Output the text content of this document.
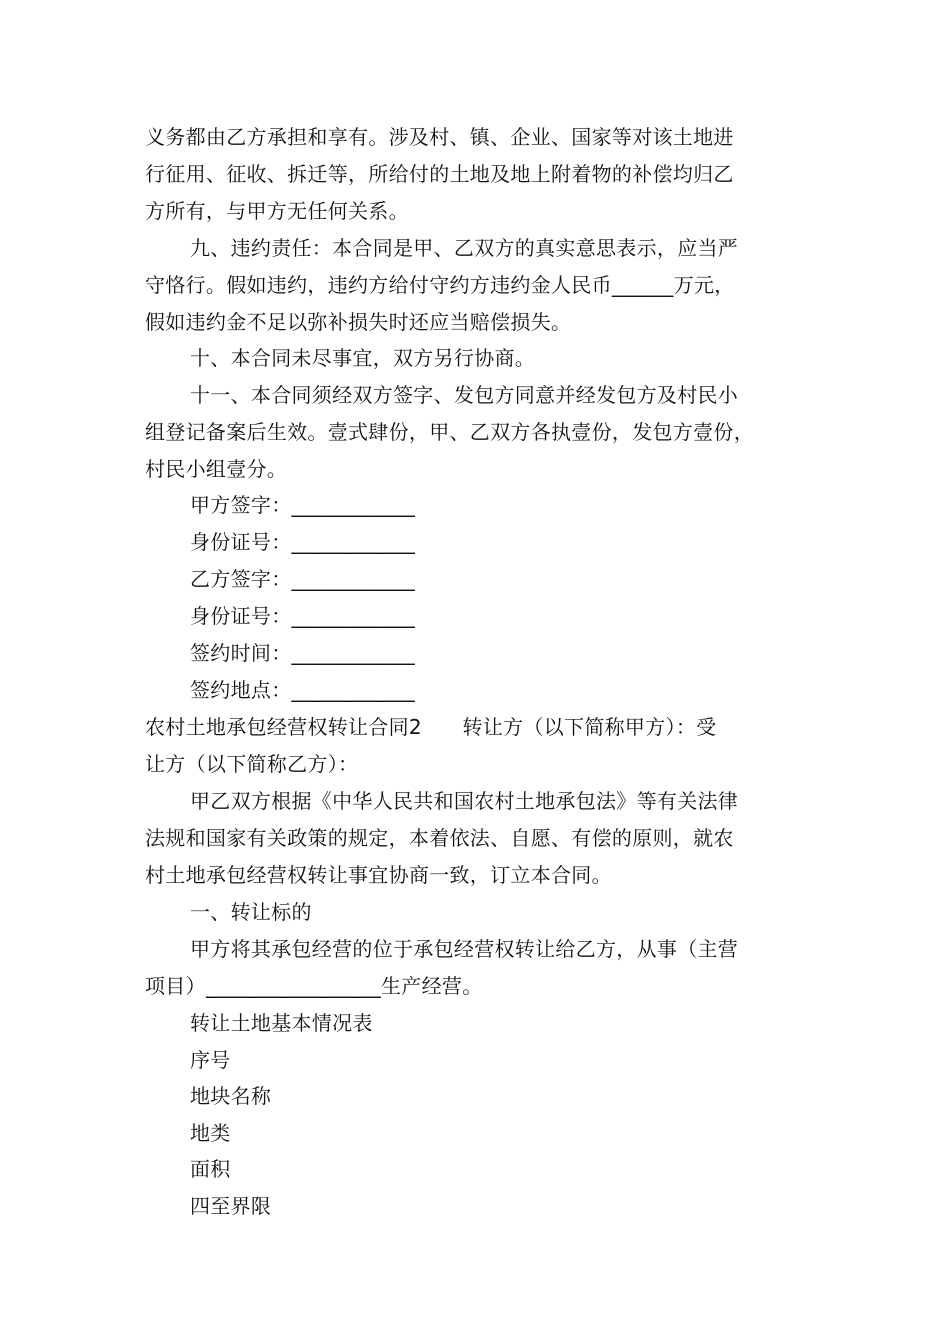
义务都由乙方承担和享有。涉及村、镇、企业、国家等对该土地进
行征用、征收、拆迁等，所给付的土地及地上附着物的补偿均归乙
方所有，与甲方无任何关系。
九、违约责任：本合同是甲、乙双方的真实意思表示，应当严
守恪行。假如违约，违约方给付守约方违约金人民币______万元，
假如违约金不足以弥补损失时还应当赔偿损失。
十、本合同未尽事宜，双方另行协商。
十一、本合同须经双方签字、发包方同意并经发包方及村民小
组登记备案后生效。壹式肆份，甲、乙双方各执壹份，发包方壹份，
村民小组壹分。
甲方签字：____________
身份证号：____________
乙方签字：____________
身份证号：____________
签约时间：____________
签约地点：____________
农村土地承包经营权转让合同2　　转让方（以下简称甲方）：受
让方（以下简称乙方）：
甲乙双方根据《中华人民共和国农村土地承包法》等有关法律
法规和国家有关政策的规定，本着依法、自愿、有偿的原则，就农
村土地承包经营权转让事宜协商一致，订立本合同。
一、转让标的
甲方将其承包经营的位于承包经营权转让给乙方，从事（主营
项目）_________________生产经营。
转让土地基本情况表
序号
地块名称
地类
面积
四至界限
